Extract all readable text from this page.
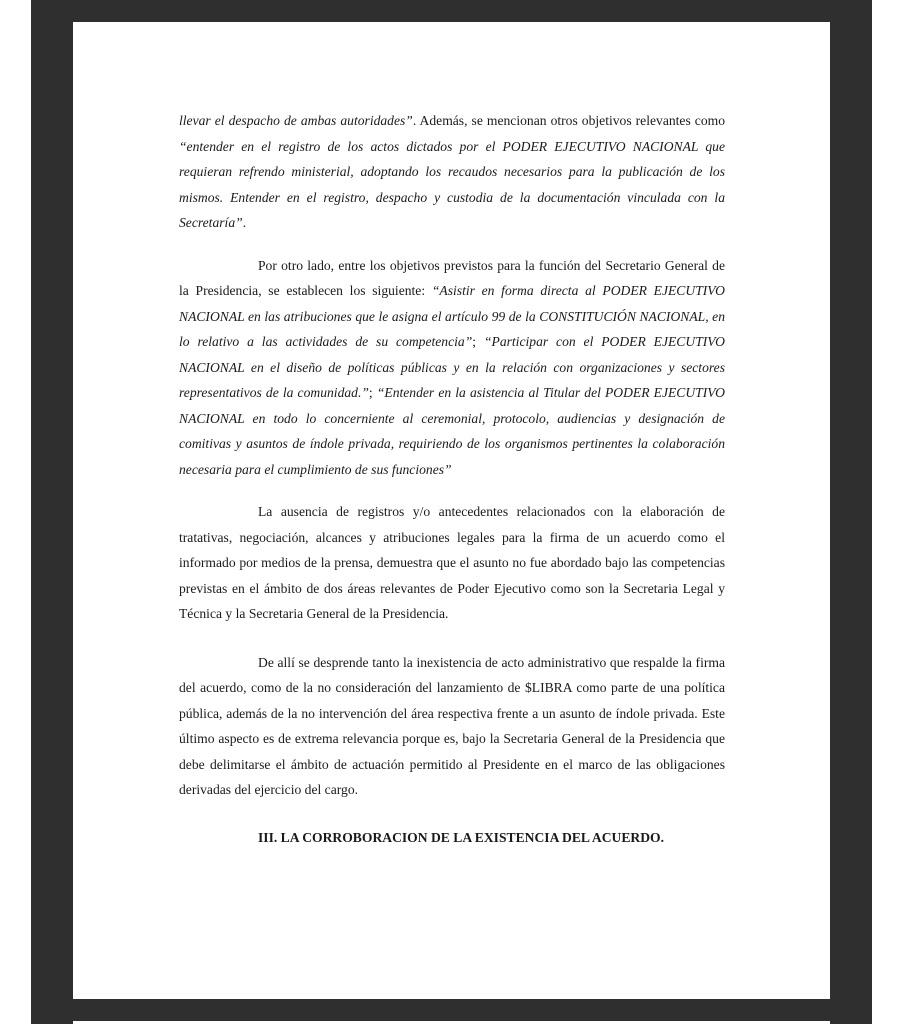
llevar el despacho de ambas autoridades”. Además, se mencionan otros objetivos relevantes como “entender en el registro de los actos dictados por el PODER EJECUTIVO NACIONAL que requieran refrendo ministerial, adoptando los recaudos necesarios para la publicación de los mismos. Entender en el registro, despacho y custodia de la documentación vinculada con la Secretaría”.

Por otro lado, entre los objetivos previstos para la función del Secretario General de la Presidencia, se establecen los siguiente: “Asistir en forma directa al PODER EJECUTIVO NACIONAL en las atribuciones que le asigna el artículo 99 de la CONSTITUCIÓN NACIONAL, en lo relativo a las actividades de su competencia”; “Participar con el PODER EJECUTIVO NACIONAL en el diseño de políticas públicas y en la relación con organizaciones y sectores representativos de la comunidad.”; “Entender en la asistencia al Titular del PODER EJECUTIVO NACIONAL en todo lo concerniente al ceremonial, protocolo, audiencias y designación de comitivas y asuntos de índole privada, requiriendo de los organismos pertinentes la colaboración necesaria para el cumplimiento de sus funciones”

La ausencia de registros y/o antecedentes relacionados con la elaboración de tratativas, negociación, alcances y atribuciones legales para la firma de un acuerdo como el informado por medios de la prensa, demuestra que el asunto no fue abordado bajo las competencias previstas en el ámbito de dos áreas relevantes de Poder Ejecutivo como son la Secretaria Legal y Técnica y la Secretaria General de la Presidencia.

De allí se desprende tanto la inexistencia de acto administrativo que respalde la firma del acuerdo, como de la no consideración del lanzamiento de $LIBRA como parte de una política pública, además de la no intervención del área respectiva frente a un asunto de índole privada. Este último aspecto es de extrema relevancia porque es, bajo la Secretaria General de la Presidencia que debe delimitarse el ámbito de actuación permitido al Presidente en el marco de las obligaciones derivadas del ejercicio del cargo.

III. LA CORROBORACION DE LA EXISTENCIA DEL ACUERDO.
